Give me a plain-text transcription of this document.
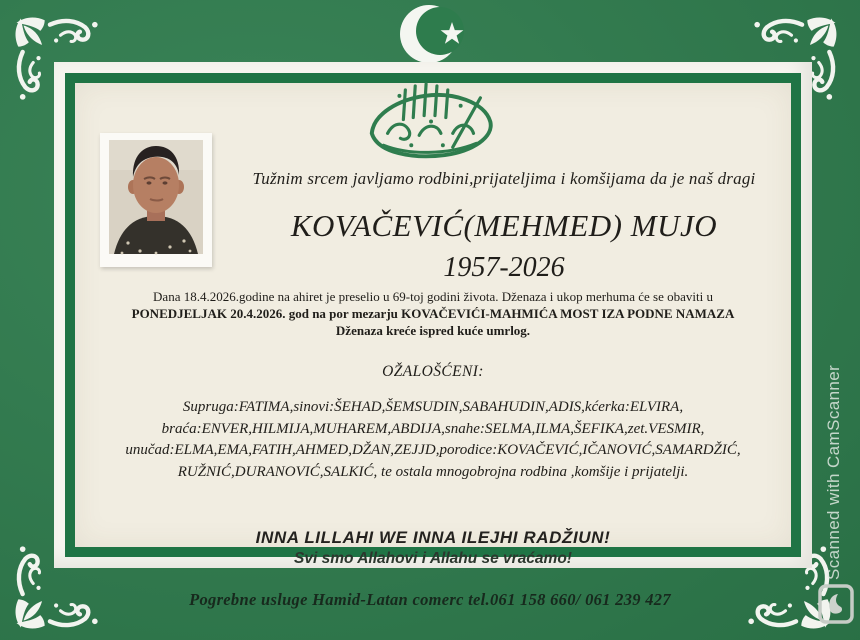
Tužnim srcem javljamo rodbini,prijateljima i komšijama da je naš dragi
KOVAČEVIĆ(MEHMED) MUJO
1957-2026
Dana 18.4.2026.godine na ahiret je preselio u 69-toj godini života. Dženaza i ukop merhuma će se obaviti u
PONEDJELJAK 20.4.2026. god na por mezarju KOVAČEVIĆI-MAHMIĆA MOST IZA PODNE NAMAZA
Dženaza kreće ispred kuće umrlog.
OŽALOŠĆENI:
Supruga:FATIMA,sinovi:ŠEHAD,ŠEMSUDIN,SABAHUDIN,ADIS,kćerka:ELVIRA,
braća:ENVER,HILMIJA,MUHAREM,ABDIJA,snahe:SELMA,ILMA,ŠEFIKA,zet.VESMIR,
unučad:ELMA,EMA,FATIH,AHMED,DŽAN,ZEJJD,porodice:KOVAČEVIĆ,IČANOVIĆ,SAMARDŽIĆ,
RUŽNIĆ,DURANOVIĆ,SALKIĆ, te ostala mnogobrojna rodbina ,komšije i prijatelji.
INNA LILLAHI WE INNA ILEJHI RADŽIUN!
Svi smo Allahovi i Allahu se vraćamo!
Pogrebne usluge Hamid-Latan comerc tel.061 158 660/ 061 239 427
Scanned with CamScanner
